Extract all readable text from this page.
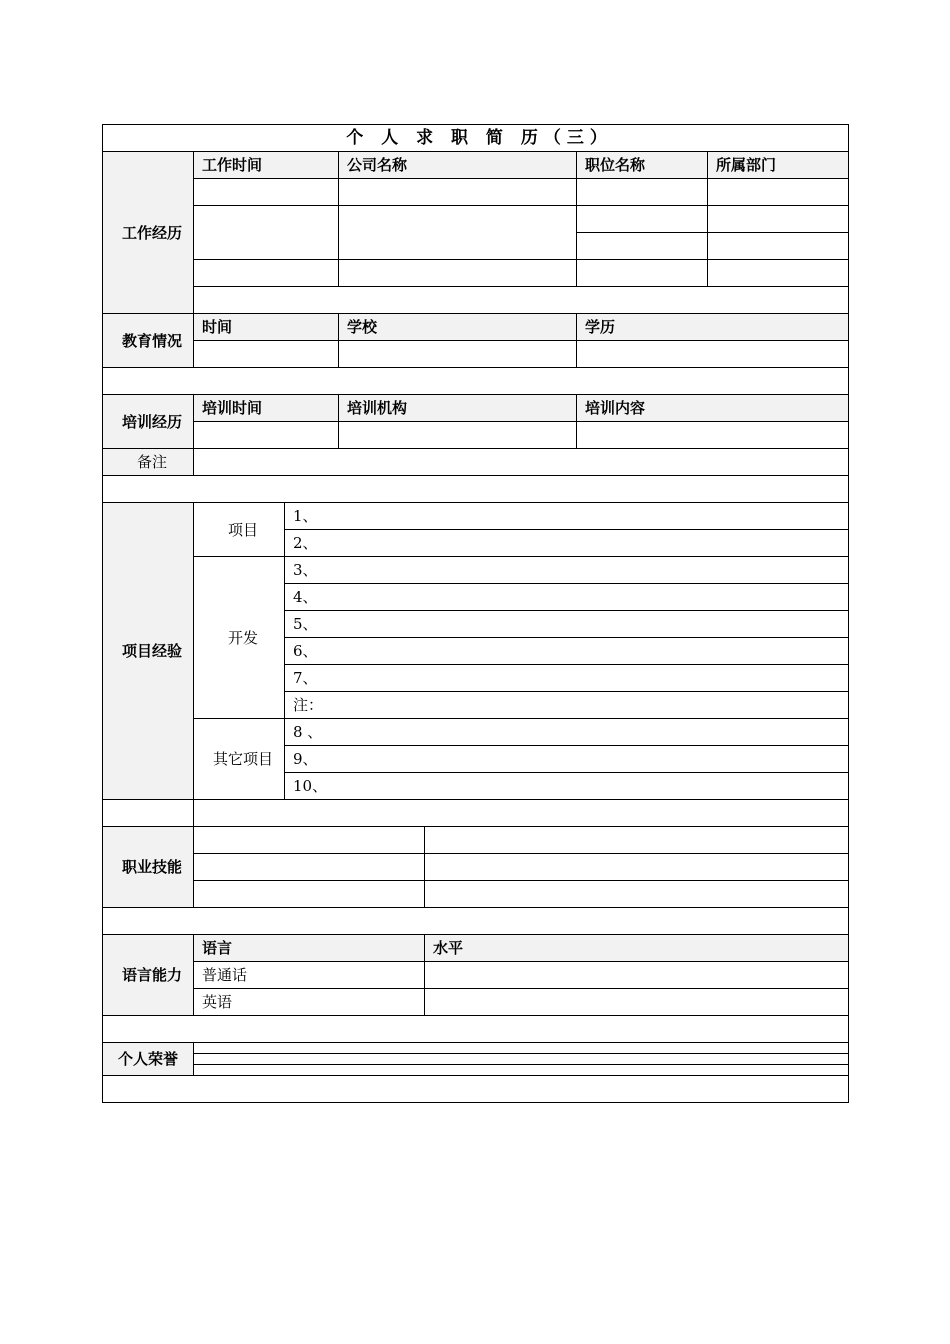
个 人 求 职 简 历（三）						
工作经历	工作时间		公司名称		职位名称	所属部门

教育情况	时间		学校		学历	

培训经历	培训时间		培训机构		培训内容	

备注						

项目经验	项目	1、				
		2、				
	开发	3、				
		4、				
		5、				
		6、				
		7、				
		注：				
	其它项目	8 、				
		9、				
		10、				

职业技能						

语言能力	语言			水平		
	普通话					
	英语					

个人荣誉						
